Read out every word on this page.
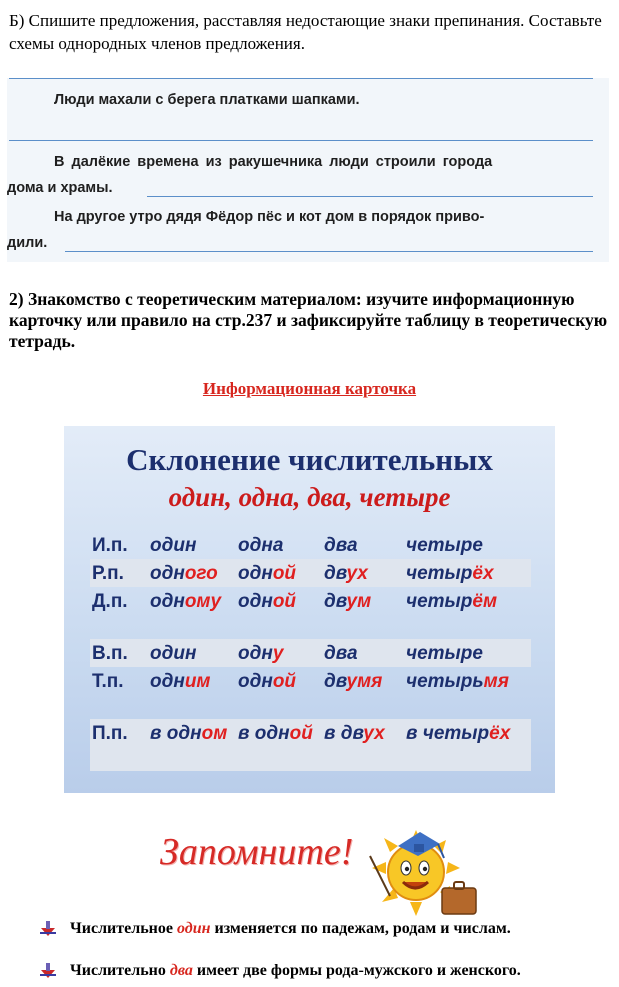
Б) Спишите предложения, расставляя недостающие знаки препинания. Составьте схемы однородных членов предложения.

Люди махали с берега платками шапками.
В далёкие времена из ракушечника люди строили города
дома и храмы.
На другое утро дядя Фёдор пёс и кот дом в порядок приво-
дили.

2) Знакомство с теоретическим материалом: изучите информационную карточку или правило на стр.237 и зафиксируйте таблицу в теоретическую тетрадь.

Информационная карточка
Склонение числительных
один, одна, два, четыре
И.п.	один	одна	два	четыре
Р.п.	одного	одной	двух	четырёх
Д.п.	одному	одной	двум	четырём
В.п.	один	одну	два	четыре
Т.п.	одним	одной	двумя	четырьмя
П.п.	в одном	в одной	в двух	в четырёх
Запомните!
Числительное один изменяется по падежам, родам и числам.
Числительно два имеет две формы рода-мужского и женского.
